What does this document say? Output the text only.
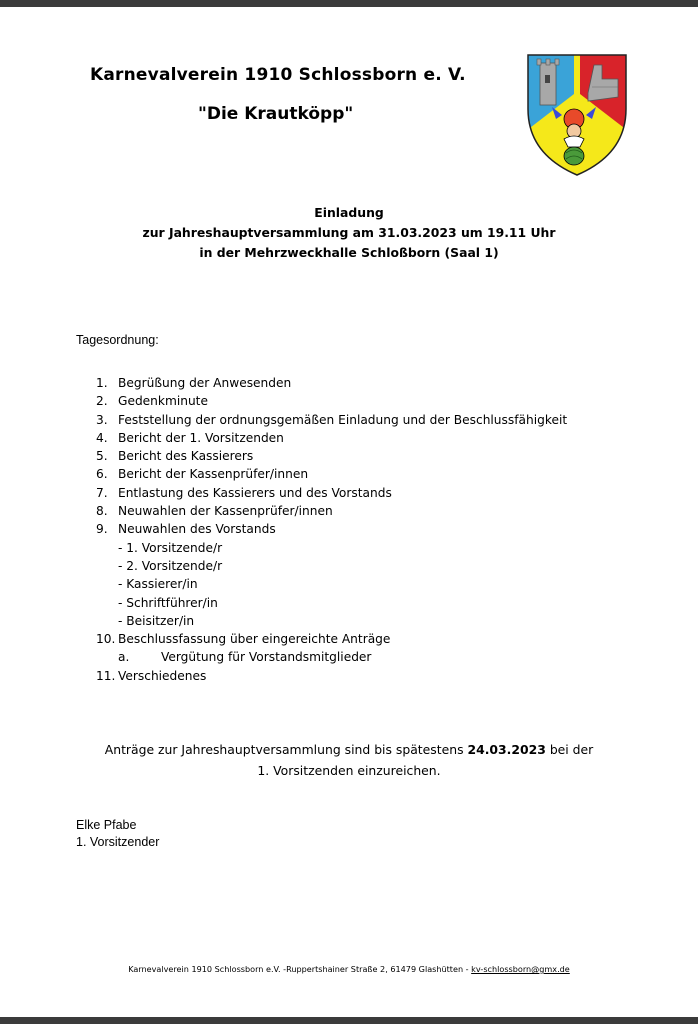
Karnevalverein 1910 Schlossborn e. V.
"Die Krautköpp"
Einladung
zur Jahreshauptversammlung am 31.03.2023 um 19.11 Uhr
in der Mehrzweckhalle Schloßborn (Saal 1)
Tagesordnung:
1. Begrüßung der Anwesenden
2. Gedenkminute
3. Feststellung der ordnungsgemäßen Einladung und der Beschlussfähigkeit
4. Bericht der 1. Vorsitzenden
5. Bericht des Kassierers
6. Bericht der Kassenprüfer/innen
7. Entlastung des Kassierers und des Vorstands
8. Neuwahlen der Kassenprüfer/innen
9. Neuwahlen des Vorstands
- 1. Vorsitzende/r
- 2. Vorsitzende/r
- Kassierer/in
- Schriftführer/in
- Beisitzer/in
10. Beschlussfassung über eingereichte Anträge
a.	Vergütung für Vorstandsmitglieder
11. Verschiedenes
Anträge zur Jahreshauptversammlung sind bis spätestens 24.03.2023 bei der
1. Vorsitzenden einzureichen.
Elke Pfabe
1. Vorsitzender
Karnevalverein 1910 Schlossborn e.V. -Ruppertshainer Straße 2, 61479 Glashütten - kv-schlossborn@gmx.de
